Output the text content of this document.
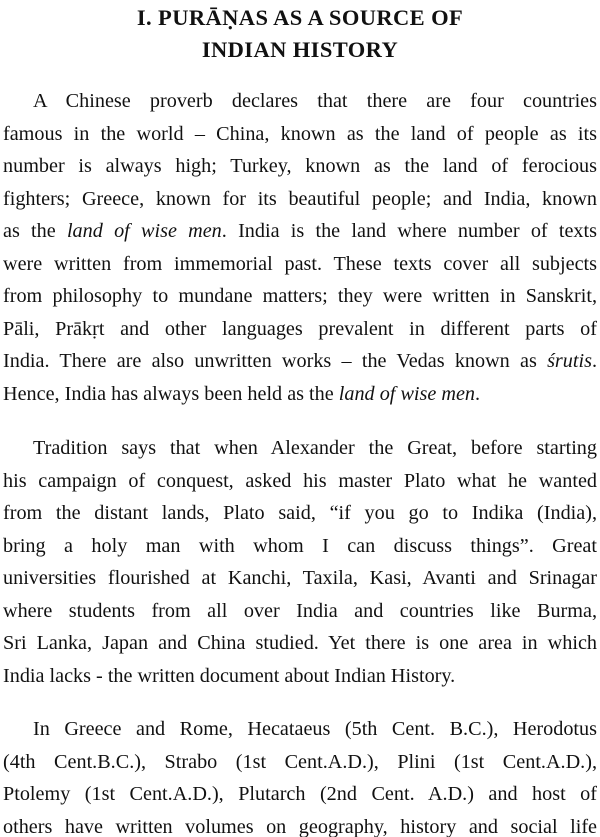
I. PURĀṆAS AS A SOURCE OF
INDIAN HISTORY
A Chinese proverb declares that there are four countries
famous in the world – China, known as the land of people as its
number is always high; Turkey, known as the land of ferocious
fighters; Greece, known for its beautiful people; and India, known
as the land of wise men. India is the land where number of texts
were written from immemorial past. These texts cover all subjects
from philosophy to mundane matters; they were written in Sanskrit,
Pāli, Prākṛt and other languages prevalent in different parts of
India. There are also unwritten works – the Vedas known as śrutis.
Hence, India has always been held as the land of wise men.
Tradition says that when Alexander the Great, before starting
his campaign of conquest, asked his master Plato what he wanted
from the distant lands, Plato said, “if you go to Indika (India),
bring a holy man with whom I can discuss things”. Great
universities flourished at Kanchi, Taxila, Kasi, Avanti and Srinagar
where students from all over India and countries like Burma,
Sri Lanka, Japan and China studied. Yet there is one area in which
India lacks - the written document about Indian History.
In Greece and Rome, Hecataeus (5th Cent. B.C.), Herodotus
(4th Cent.B.C.), Strabo (1st Cent.A.D.), Plini (1st Cent.A.D.),
Ptolemy (1st Cent.A.D.), Plutarch (2nd Cent. A.D.) and host of
others have written volumes on geography, history and social life
